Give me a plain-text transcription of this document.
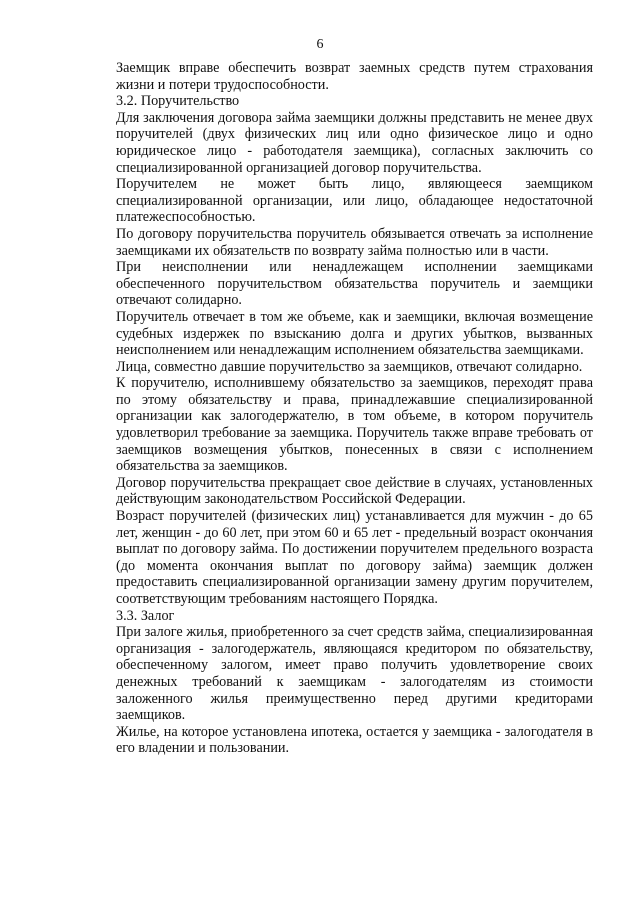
6

Заемщик вправе обеспечить возврат заемных средств путем страхования жизни и потери трудоспособности.

3.2. Поручительство

Для заключения договора займа заемщики должны представить не менее двух поручителей (двух физических лиц или одно физическое лицо и одно юридическое лицо - работодателя заемщика), согласных заключить со специализированной организацией договор поручительства.

Поручителем не может быть лицо, являющееся заемщиком специализированной организации, или лицо, обладающее недостаточной платежеспособностью.

По договору поручительства поручитель обязывается отвечать за исполнение заемщиками их обязательств по возврату займа полностью или в части.

При неисполнении или ненадлежащем исполнении заемщиками обеспеченного поручительством обязательства поручитель и заемщики отвечают солидарно.

Поручитель отвечает в том же объеме, как и заемщики, включая возмещение судебных издержек по взысканию долга и других убытков, вызванных неисполнением или ненадлежащим исполнением обязательства заемщиками.

Лица, совместно давшие поручительство за заемщиков, отвечают солидарно.

К поручителю, исполнившему обязательство за заемщиков, переходят права по этому обязательству и права, принадлежавшие специализированной организации как залогодержателю, в том объеме, в котором поручитель удовлетворил требование за заемщика. Поручитель также вправе требовать от заемщиков возмещения убытков, понесенных в связи с исполнением обязательства за заемщиков.

Договор поручительства прекращает свое действие в случаях, установленных действующим законодательством Российской Федерации.

Возраст поручителей (физических лиц) устанавливается для мужчин - до 65 лет, женщин - до 60 лет, при этом 60 и 65 лет - предельный возраст окончания выплат по договору займа. По достижении поручителем предельного возраста (до момента окончания выплат по договору займа) заемщик должен предоставить специализированной организации замену другим поручителем, соответствующим требованиям настоящего Порядка.

3.3. Залог

При залоге жилья, приобретенного за счет средств займа, специализированная организация - залогодержатель, являющаяся кредитором по обязательству, обеспеченному залогом, имеет право получить удовлетворение своих денежных требований к заемщикам - залогодателям из стоимости заложенного жилья преимущественно перед другими кредиторами заемщиков.

Жилье, на которое установлена ипотека, остается у заемщика - залогодателя в его владении и пользовании.
